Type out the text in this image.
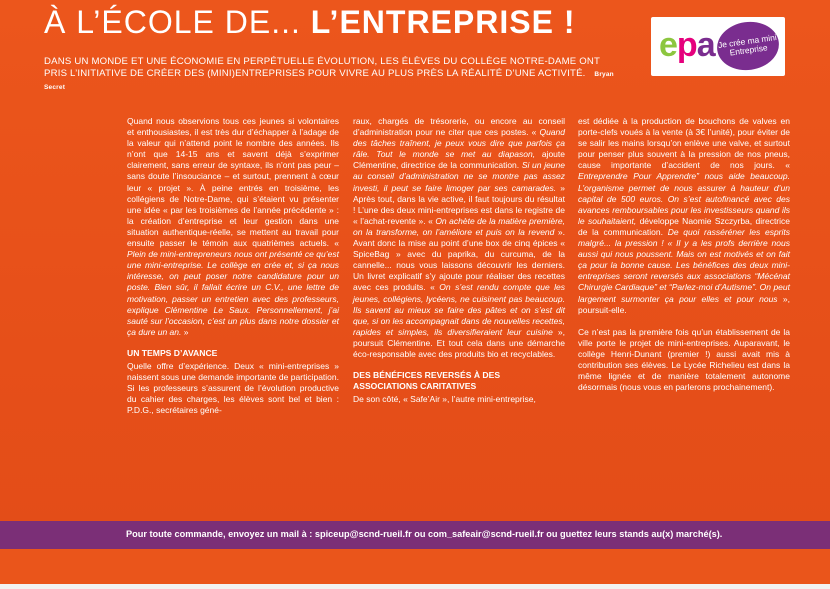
À L’ÉCOLE DE... L’ENTREPRISE !
DANS UN MONDE ET UNE ÉCONOMIE EN PERPÉTUELLE ÉVOLUTION, LES ÉLÈVES DU COLLÈGE NOTRE-DAME ONT PRIS L’INITIATIVE DE CRÉER DES (MINI)ENTREPRISES POUR VIVRE AU PLUS PRÈS LA RÉALITÉ D’UNE ACTIVITÉ. Bryan Secret
epa Je crée ma mini Entreprise

Quand nous observions tous ces jeunes si volontaires et enthousiastes, il est très dur d’échapper à l’adage de la valeur qui n’attend point le nombre des années. Ils n’ont que 14-15 ans et savent déjà s’exprimer clairement, sans erreur de syntaxe, ils n’ont pas peur – sans doute l’insouciance – et surtout, prennent à cœur leur « projet ». À peine entrés en troisième, les collégiens de Notre-Dame, qui s’étaient vu présenter une idée « par les troisièmes de l’année précédente » : la création d’entreprise et leur gestion dans une situation authentique-réelle, se mettent au travail pour ensuite passer le témoin aux quatrièmes actuels. « Plein de mini-entrepreneurs nous ont présenté ce qu’est une mini-entreprise. Le collège en crée et, si ça nous intéresse, on peut poser notre candidature pour un poste. Bien sûr, il fallait écrire un C.V., une lettre de motivation, passer un entretien avec des professeurs, explique Clémentine Le Saux. Personnellement, j’ai sauté sur l’occasion, c’est un plus dans notre dossier et ça dure un an. »

UN TEMPS D’AVANCE

Quelle offre d’expérience. Deux « mini-entreprises » naissent sous une demande importante de participation. Si les professeurs s’assurent de l’évolution productive du cahier des charges, les élèves sont bel et bien : P.D.G., secrétaires géné-

raux, chargés de trésorerie, ou encore au conseil d’administration pour ne citer que ces postes. « Quand des tâches traînent, je peux vous dire que parfois ça râle. Tout le monde se met au diapason, ajoute Clémentine, directrice de la communication. Si un jeune au conseil d’administration ne se montre pas assez investi, il peut se faire limoger par ses camarades. » Après tout, dans la vie active, il faut toujours du résultat ! L’une des deux mini-entreprises est dans le registre de « l’achat-revente ». « On achète de la matière première, on la transforme, on l’améliore et puis on la revend ». Avant donc la mise au point d’une box de cinq épices « SpiceBag » avec du paprika, du curcuma, de la cannelle... nous vous laissons découvrir les derniers. Un livret explicatif s’y ajoute pour réaliser des recettes avec ces produits. « On s’est rendu compte que les jeunes, collégiens, lycéens, ne cuisinent pas beaucoup. Ils savent au mieux se faire des pâtes et on s’est dit que, si on les accompagnait dans de nouvelles recettes, rapides et simples, ils diversifieraient leur cuisine », poursuit Clémentine. Et tout cela dans une démarche éco-responsable avec des produits bio et recyclables.

DES BÉNÉFICES REVERSÉS À DES ASSOCIATIONS CARITATIVES

De son côté, « Safe’Air », l’autre mini-entreprise,

est dédiée à la production de bouchons de valves en porte-clefs voués à la vente (à 3€ l’unité), pour éviter de se salir les mains lorsqu’on enlève une valve, et surtout pour penser plus souvent à la pression de nos pneus, cause importante d’accident de nos jours. « Entreprendre Pour Apprendre” nous aide beaucoup. L’organisme permet de nous assurer à hauteur d’un capital de 500 euros. On s’est autofinancé avec des avances remboursables pour les investisseurs quand ils le souhaitaient, développe Naomie Szczyrba, directrice de la communication. De quoi rasséréner les esprits malgré... la pression ! « Il y a les profs derrière nous aussi qui nous poussent. Mais on est motivés et on fait ça pour la bonne cause. Les bénéfices des deux mini-entreprises seront reversés aux associations “Mécénat Chirurgie Cardiaque” et “Parlez-moi d’Autisme”. On peut largement surmonter ça pour elles et pour nous », poursuit-elle.

Ce n’est pas la première fois qu’un établissement de la ville porte le projet de mini-entreprises. Auparavant, le collège Henri-Dunant (premier !) aussi avait mis à contribution ses élèves. Le Lycée Richelieu est dans la même lignée et de manière totalement autonome désormais (nous vous en parlerons prochainement).

Pour toute commande, envoyez un mail à : spiceup@scnd-rueil.fr ou com_safeair@scnd-rueil.fr ou guettez leurs stands au(x) marché(s).
